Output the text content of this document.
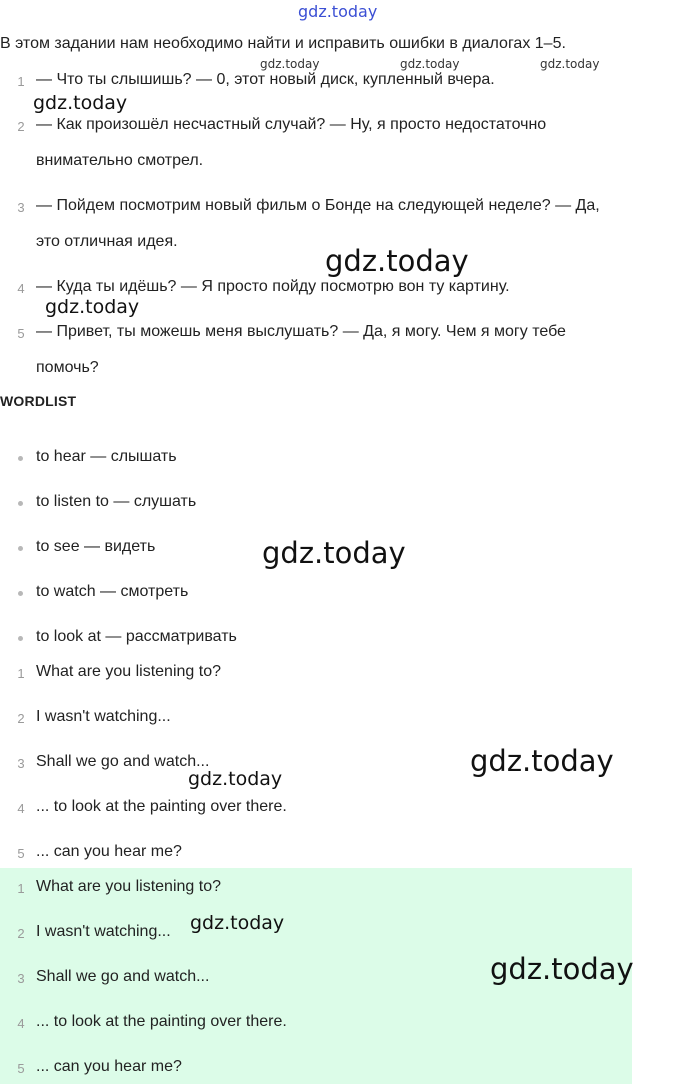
gdz.today
В этом задании нам необходимо найти и исправить ошибки в диалогах 1–5.
1 — Что ты слышишь? — 0, этот новый диск, купленный вчера.
2 — Как произошёл несчастный случай? — Ну, я просто недостаточно
внимательно смотрел.
3 — Пойдем посмотрим новый фильм о Бонде на следующей неделе? — Да,
это отличная идея.
4 — Куда ты идёшь? — Я просто пойду посмотрю вон ту картину.
5 — Привет, ты можешь меня выслушать? — Да, я могу. Чем я могу тебе
помочь?
WORDLIST
to hear — слышать
to listen to — слушать
to see — видеть
to watch — смотреть
to look at — рассматривать
1 What are you listening to?
2 I wasn't watching...
3 Shall we go and watch...
4 ... to look at the painting over there.
5 ... can you hear me?
1 What are you listening to?
2 I wasn't watching...
3 Shall we go and watch...
4 ... to look at the painting over there.
5 ... can you hear me?
gdz.today	gdz.today	gdz.today
gdz.today
gdz.today
gdz.today
gdz.today
gdz.today
gdz.today
gdz.today
gdz.today
